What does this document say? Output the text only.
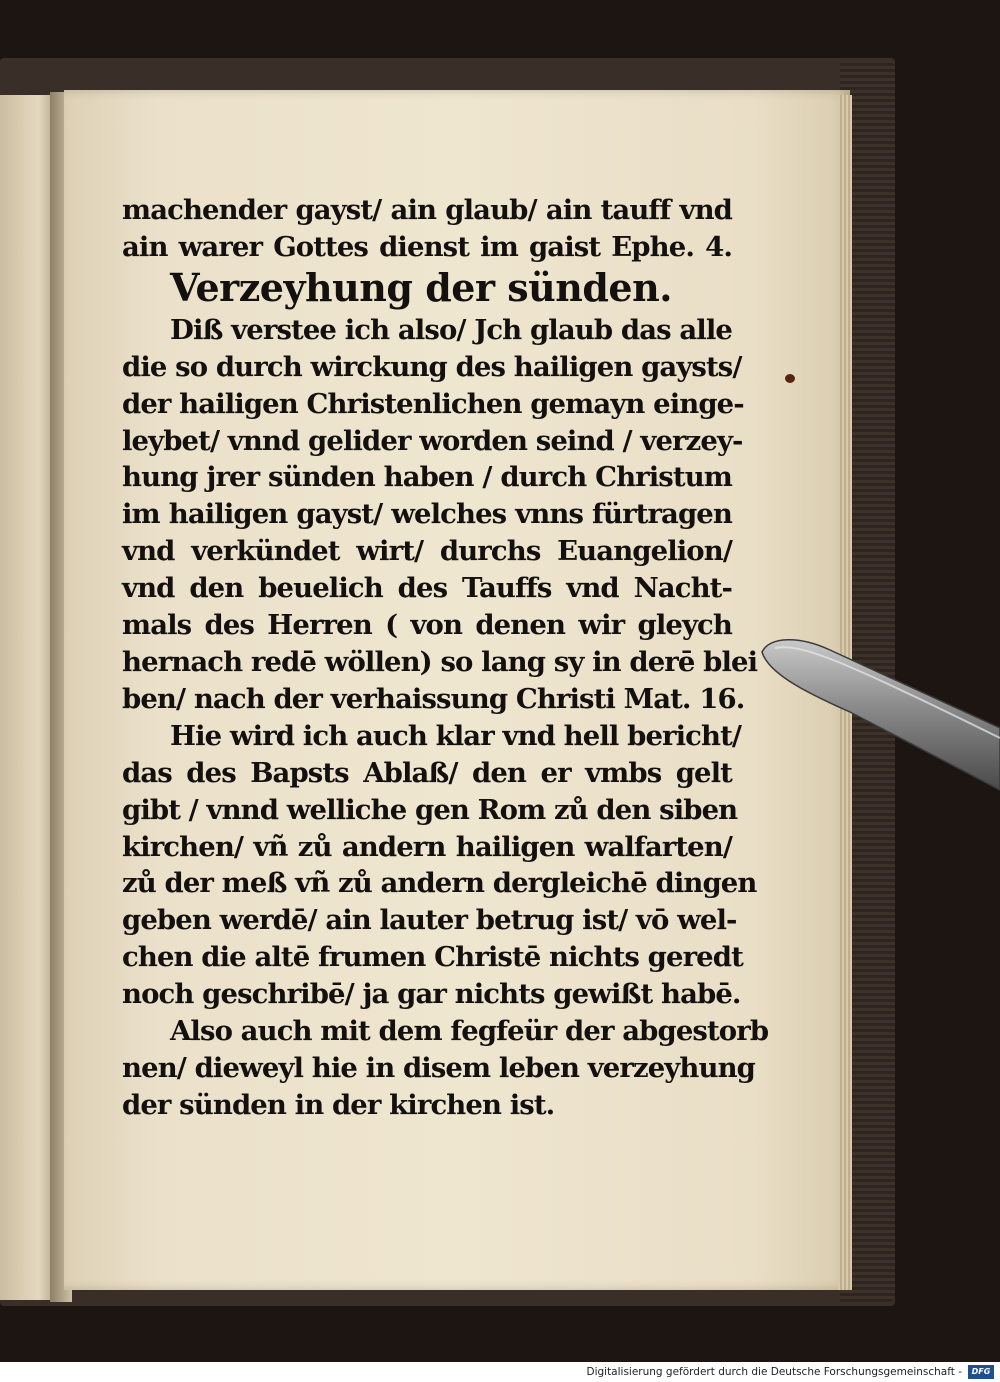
machender gayst/ ain glaub/ ain tauff vnd
ain warer Gottes dienst im gaist Ephe. 4.
Verzeyhung der sünden.
Diß verstee ich also/ Jch glaub das alle
die so durch wirckung des hailigen gaysts/
der hailigen Christenlichen gemayn einge-
leybet/ vnnd gelider worden seind / verzey-
hung jrer sünden haben / durch Christum
im hailigen gayst/ welches vnns fürtragen
vnd verkündet wirt/ durchs Euangelion/
vnd den beuelich des Tauffs vnd Nacht-
mals des Herren ( von denen wir gleych
hernach redē wöllen) so lang sy in derē blei
ben/ nach der verhaissung Christi Mat. 16.
Hie wird ich auch klar vnd hell bericht/
das des Bapsts Ablaß/ den er vmbs gelt
gibt / vnnd welliche gen Rom zů den siben
kirchen/ vñ zů andern hailigen walfarten/
zů der meß vñ zů andern dergleichē dingen
geben werdē/ ain lauter betrug ist/ vō wel-
chen die altē frumen Christē nichts geredt
noch geschribē/ ja gar nichts gewißt habē.
Also auch mit dem fegfeür der abgestorb
nen/ dieweyl hie in disem leben verzeyhung
der sünden in der kirchen ist.
Digitalisierung gefördert durch die Deutsche Forschungsgemeinschaft -	DFG
